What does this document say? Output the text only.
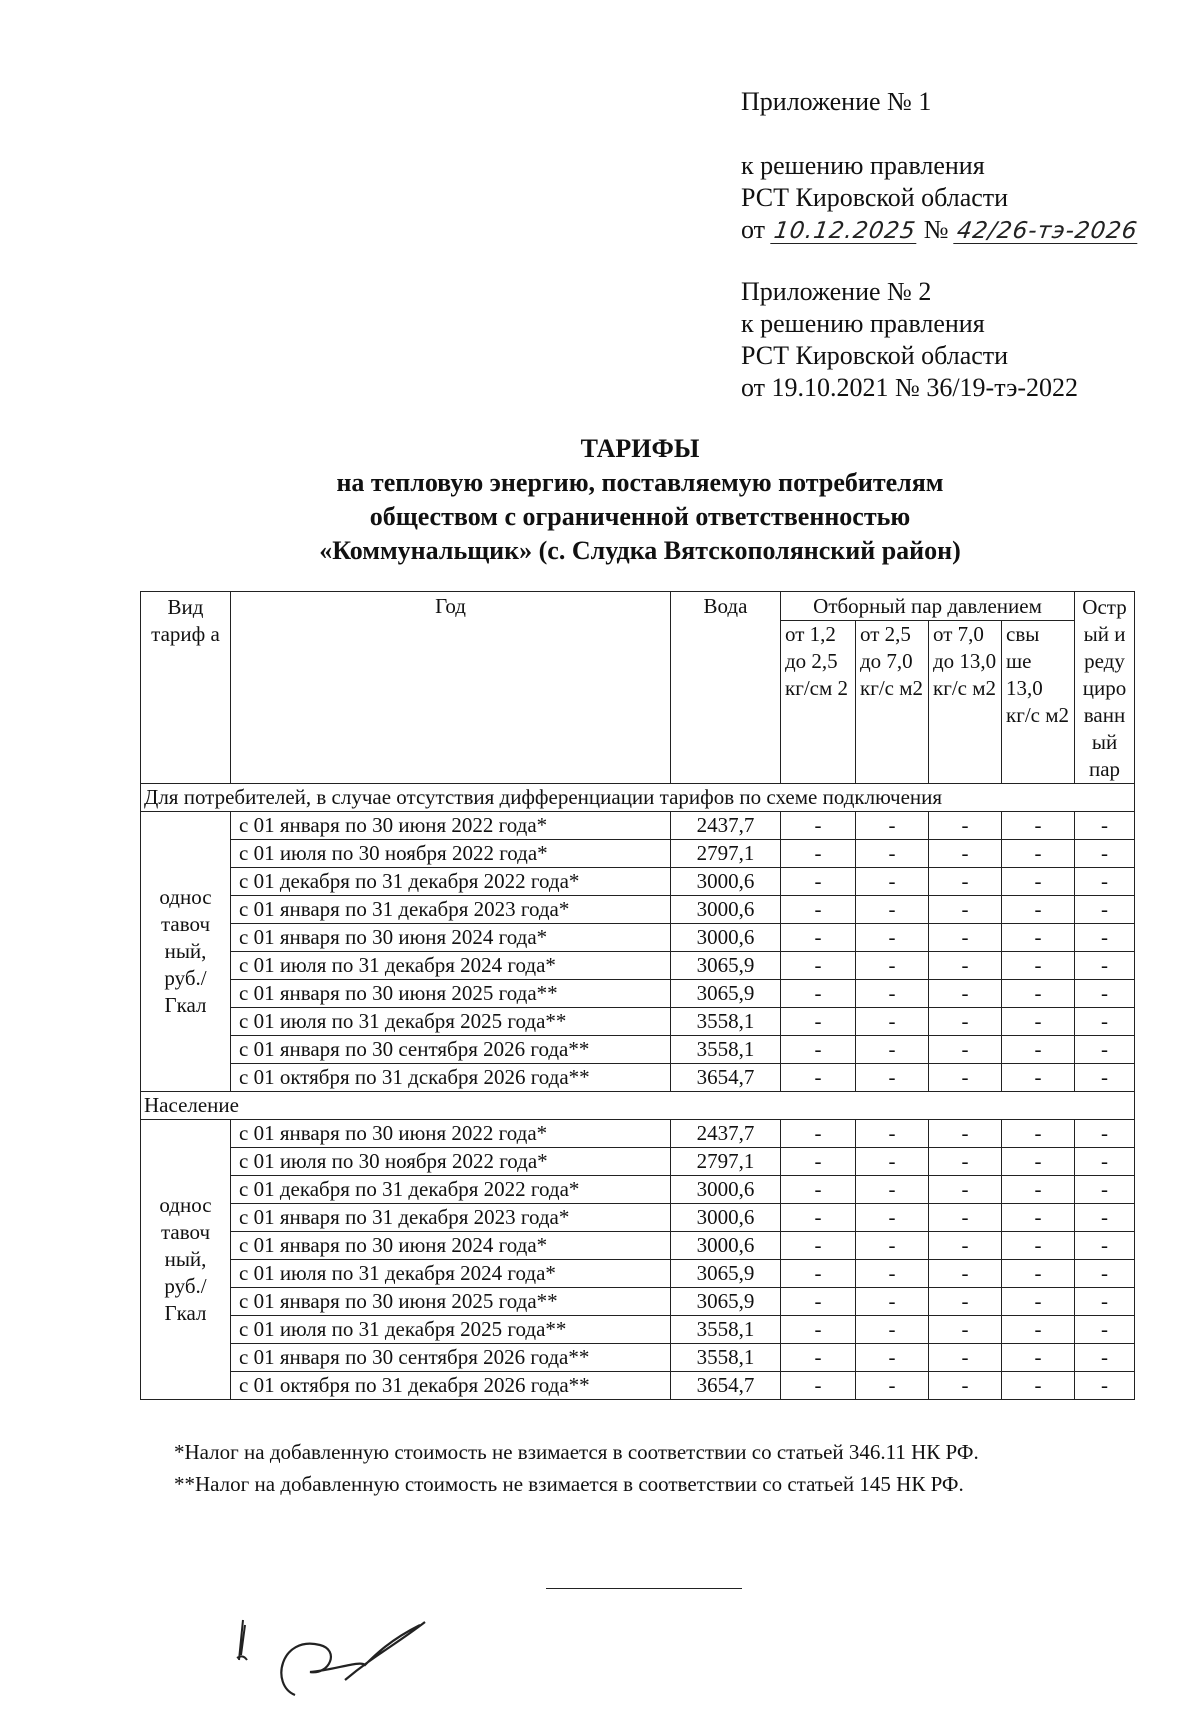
Приложение № 1
к решению правления
РСТ Кировской области
от 10.12.2025 № 42/26-тэ-2026
Приложение № 2
к решению правления
РСТ Кировской области
от 19.10.2021 № 36/19-тэ-2022
ТАРИФЫ
на тепловую энергию, поставляемую потребителям
обществом с ограниченной ответственностью
«Коммунальщик» (с. Слудка Вятскополянский район)
Вид тариф а	Год	Вода	Отборный пар давлением				Остр ый и реду циро ванн ый пар
			от 1,2 до 2,5 кг/см 2	от 2,5 до 7,0 кг/с м2	от 7,0 до 13,0 кг/с м2	свы ше 13,0 кг/с м2	
Для потребителей, в случае отсутствия дифференциации тарифов по схеме подключения							
однос тавоч ный, руб./ Гкал	с 01 января по 30 июня 2022 года*	2437,7	-	-	-	-	-
	с 01 июля по 30 ноября 2022 года*	2797,1	-	-	-	-	-
	с 01 декабря по 31 декабря 2022 года*	3000,6	-	-	-	-	-
	с 01 января по 31 декабря 2023 года*	3000,6	-	-	-	-	-
	с 01 января по 30 июня 2024 года*	3000,6	-	-	-	-	-
	с 01 июля по 31 декабря 2024 года*	3065,9	-	-	-	-	-
	с 01 января по 30 июня 2025 года**	3065,9	-	-	-	-	-
	с 01 июля по 31 декабря 2025 года**	3558,1	-	-	-	-	-
	с 01 января по 30 сентября 2026 года**	3558,1	-	-	-	-	-
	с 01 октября по 31 дскабря 2026 года**	3654,7	-	-	-	-	-
Население							
однос тавоч ный, руб./ Гкал	с 01 января по 30 июня 2022 года*	2437,7	-	-	-	-	-
	с 01 июля по 30 ноября 2022 года*	2797,1	-	-	-	-	-
	с 01 декабря по 31 декабря 2022 года*	3000,6	-	-	-	-	-
	с 01 января по 31 декабря 2023 года*	3000,6	-	-	-	-	-
	с 01 января по 30 июня 2024 года*	3000,6	-	-	-	-	-
	с 01 июля по 31 декабря 2024 года*	3065,9	-	-	-	-	-
	с 01 января по 30 июня 2025 года**	3065,9	-	-	-	-	-
	с 01 июля по 31 декабря 2025 года**	3558,1	-	-	-	-	-
	с 01 января по 30 сентября 2026 года**	3558,1	-	-	-	-	-
	с 01 октября по 31 декабря 2026 года**	3654,7	-	-	-	-	-
*Налог на добавленную стоимость не взимается в соответствии со статьей 346.11 НК РФ.
**Налог на добавленную стоимость не взимается в соответствии со статьей 145 НК РФ.
